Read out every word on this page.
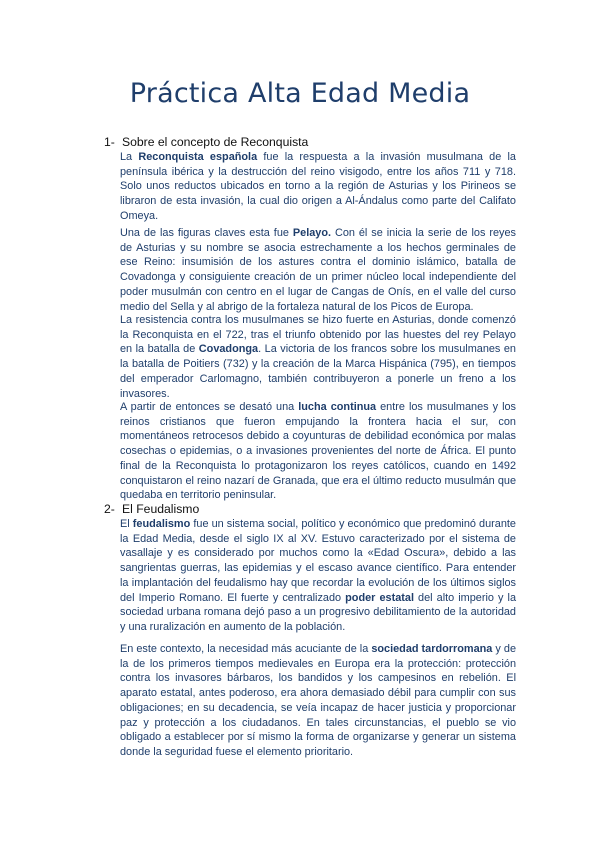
Práctica Alta Edad Media
1- Sobre el concepto de Reconquista
La Reconquista española fue la respuesta a la invasión musulmana de la península ibérica y la destrucción del reino visigodo, entre los años 711 y 718. Solo unos reductos ubicados en torno a la región de Asturias y los Pirineos se libraron de esta invasión, la cual dio origen a Al-Ándalus como parte del Califato Omeya.
Una de las figuras claves esta fue Pelayo. Con él se inicia la serie de los reyes de Asturias y su nombre se asocia estrechamente a los hechos germinales de ese Reino: insumisión de los astures contra el dominio islámico, batalla de Covadonga y consiguiente creación de un primer núcleo local independiente del poder musulmán con centro en el lugar de Cangas de Onís, en el valle del curso medio del Sella y al abrigo de la fortaleza natural de los Picos de Europa.
La resistencia contra los musulmanes se hizo fuerte en Asturias, donde comenzó la Reconquista en el 722, tras el triunfo obtenido por las huestes del rey Pelayo en la batalla de Covadonga. La victoria de los francos sobre los musulmanes en la batalla de Poitiers (732) y la creación de la Marca Hispánica (795), en tiempos del emperador Carlomagno, también contribuyeron a ponerle un freno a los invasores.
A partir de entonces se desató una lucha continua entre los musulmanes y los reinos cristianos que fueron empujando la frontera hacia el sur, con momentáneos retrocesos debido a coyunturas de debilidad económica por malas cosechas o epidemias, o a invasiones provenientes del norte de África. El punto final de la Reconquista lo protagonizaron los reyes católicos, cuando en 1492 conquistaron el reino nazarí de Granada, que era el último reducto musulmán que quedaba en territorio peninsular.
2- El Feudalismo
El feudalismo fue un sistema social, político y económico que predominó durante la Edad Media, desde el siglo IX al XV. Estuvo caracterizado por el sistema de vasallaje y es considerado por muchos como la «Edad Oscura», debido a las sangrientas guerras, las epidemias y el escaso avance científico. Para entender la implantación del feudalismo hay que recordar la evolución de los últimos siglos del Imperio Romano. El fuerte y centralizado poder estatal del alto imperio y la sociedad urbana romana dejó paso a un progresivo debilitamiento de la autoridad y una ruralización en aumento de la población.
En este contexto, la necesidad más acuciante de la sociedad tardorromana y de la de los primeros tiempos medievales en Europa era la protección: protección contra los invasores bárbaros, los bandidos y los campesinos en rebelión. El aparato estatal, antes poderoso, era ahora demasiado débil para cumplir con sus obligaciones; en su decadencia, se veía incapaz de hacer justicia y proporcionar paz y protección a los ciudadanos. En tales circunstancias, el pueblo se vio obligado a establecer por sí mismo la forma de organizarse y generar un sistema donde la seguridad fuese el elemento prioritario.
